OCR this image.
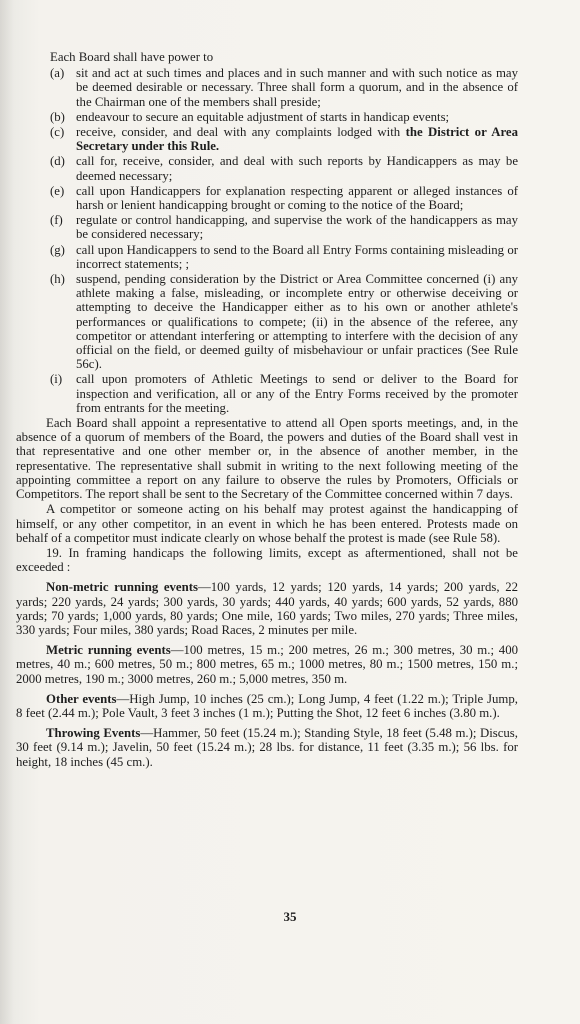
Each Board shall have power to

(a) sit and act at such times and places and in such manner and with such notice as may be deemed desirable or necessary. Three shall form a quorum, and in the absence of the Chairman one of the members shall preside;
(b) endeavour to secure an equitable adjustment of starts in handicap events;
(c) receive, consider, and deal with any complaints lodged with the District or Area Secretary under this Rule.
(d) call for, receive, consider, and deal with such reports by Handicappers as may be deemed necessary;
(e) call upon Handicappers for explanation respecting apparent or alleged instances of harsh or lenient handicapping brought or coming to the notice of the Board;
(f) regulate or control handicapping, and supervise the work of the handicappers as may be considered necessary;
(g) call upon Handicappers to send to the Board all Entry Forms containing misleading or incorrect statements; ;
(h) suspend, pending consideration by the District or Area Committee concerned (i) any athlete making a false, misleading, or incomplete entry or otherwise deceiving or attempting to deceive the Handicapper either as to his own or another athlete's performances or qualifications to compete; (ii) in the absence of the referee, any competitor or attendant interfering or attempting to interfere with the decision of any official on the field, or deemed guilty of misbehaviour or unfair practices (See Rule 56c).
(i) call upon promoters of Athletic Meetings to send or deliver to the Board for inspection and verification, all or any of the Entry Forms received by the promoter from entrants for the meeting.

Each Board shall appoint a representative to attend all Open sports meetings, and, in the absence of a quorum of members of the Board, the powers and duties of the Board shall vest in that representative and one other member or, in the absence of another member, in the representative. The representative shall submit in writing to the next following meeting of the appointing committee a report on any failure to observe the rules by Promoters, Officials or Competitors. The report shall be sent to the Secretary of the Committee concerned within 7 days.

A competitor or someone acting on his behalf may protest against the handicapping of himself, or any other competitor, in an event in which he has been entered. Protests made on behalf of a competitor must indicate clearly on whose behalf the protest is made (see Rule 58).

19. In framing handicaps the following limits, except as aftermentioned, shall not be exceeded :

Non-metric running events—100 yards, 12 yards; 120 yards, 14 yards; 200 yards, 22 yards; 220 yards, 24 yards; 300 yards, 30 yards; 440 yards, 40 yards; 600 yards, 52 yards, 880 yards; 70 yards; 1,000 yards, 80 yards; One mile, 160 yards; Two miles, 270 yards; Three miles, 330 yards; Four miles, 380 yards; Road Races, 2 minutes per mile.

Metric running events—100 metres, 15 m.; 200 metres, 26 m.; 300 metres, 30 m.; 400 metres, 40 m.; 600 metres, 50 m.; 800 metres, 65 m.; 1000 metres, 80 m.; 1500 metres, 150 m.; 2000 metres, 190 m.; 3000 metres, 260 m.; 5,000 metres, 350 m.

Other events—High Jump, 10 inches (25 cm.); Long Jump, 4 feet (1.22 m.); Triple Jump, 8 feet (2.44 m.); Pole Vault, 3 feet 3 inches (1 m.); Putting the Shot, 12 feet 6 inches (3.80 m.).

Throwing Events—Hammer, 50 feet (15.24 m.); Standing Style, 18 feet (5.48 m.); Discus, 30 feet (9.14 m.); Javelin, 50 feet (15.24 m.); 28 lbs. for distance, 11 feet (3.35 m.); 56 lbs. for height, 18 inches (45 cm.).

35
